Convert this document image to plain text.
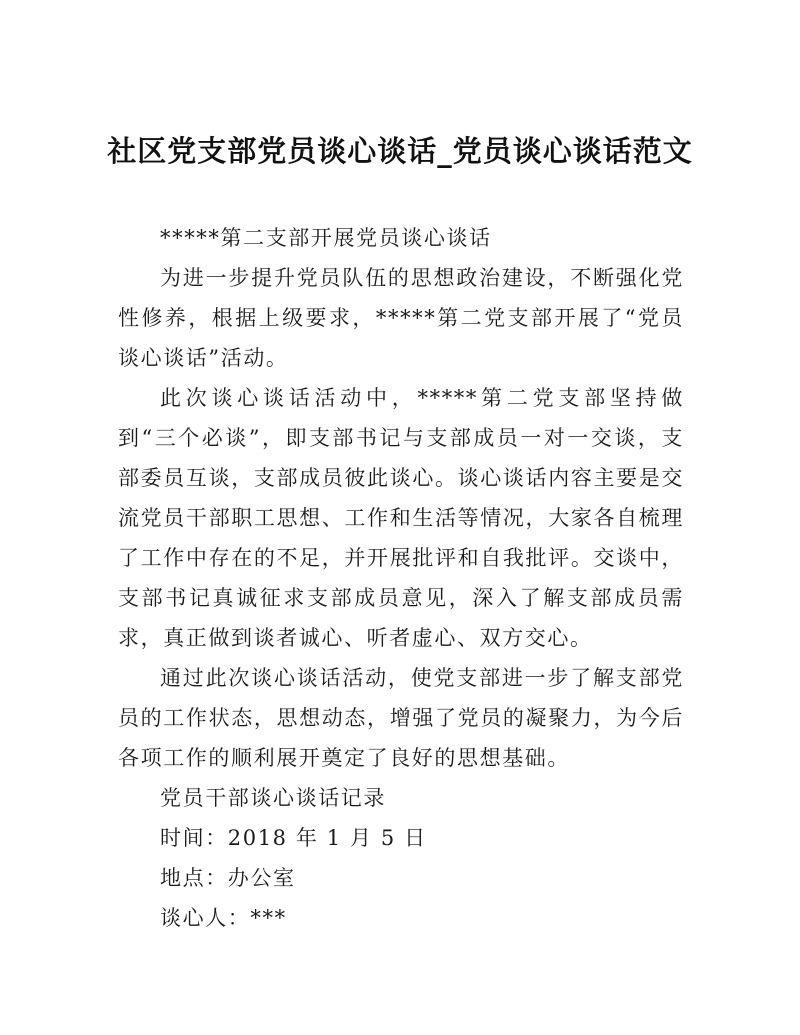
社区党支部党员谈心谈话_党员谈心谈话范文

*****第二支部开展党员谈心谈话

为进一步提升党员队伍的思想政治建设，不断强化党性修养，根据上级要求，*****第二党支部开展了“党员谈心谈话”活动。

此次谈心谈话活动中，*****第二党支部坚持做到“三个必谈”，即支部书记与支部成员一对一交谈，支部委员互谈，支部成员彼此谈心。谈心谈话内容主要是交流党员干部职工思想、工作和生活等情况，大家各自梳理了工作中存在的不足，并开展批评和自我批评。交谈中，支部书记真诚征求支部成员意见，深入了解支部成员需求，真正做到谈者诚心、听者虚心、双方交心。

通过此次谈心谈话活动，使党支部进一步了解支部党员的工作状态，思想动态，增强了党员的凝聚力，为今后各项工作的顺利展开奠定了良好的思想基础。

党员干部谈心谈话记录

时间：2018 年 1 月 5 日

地点：办公室

谈心人：***
